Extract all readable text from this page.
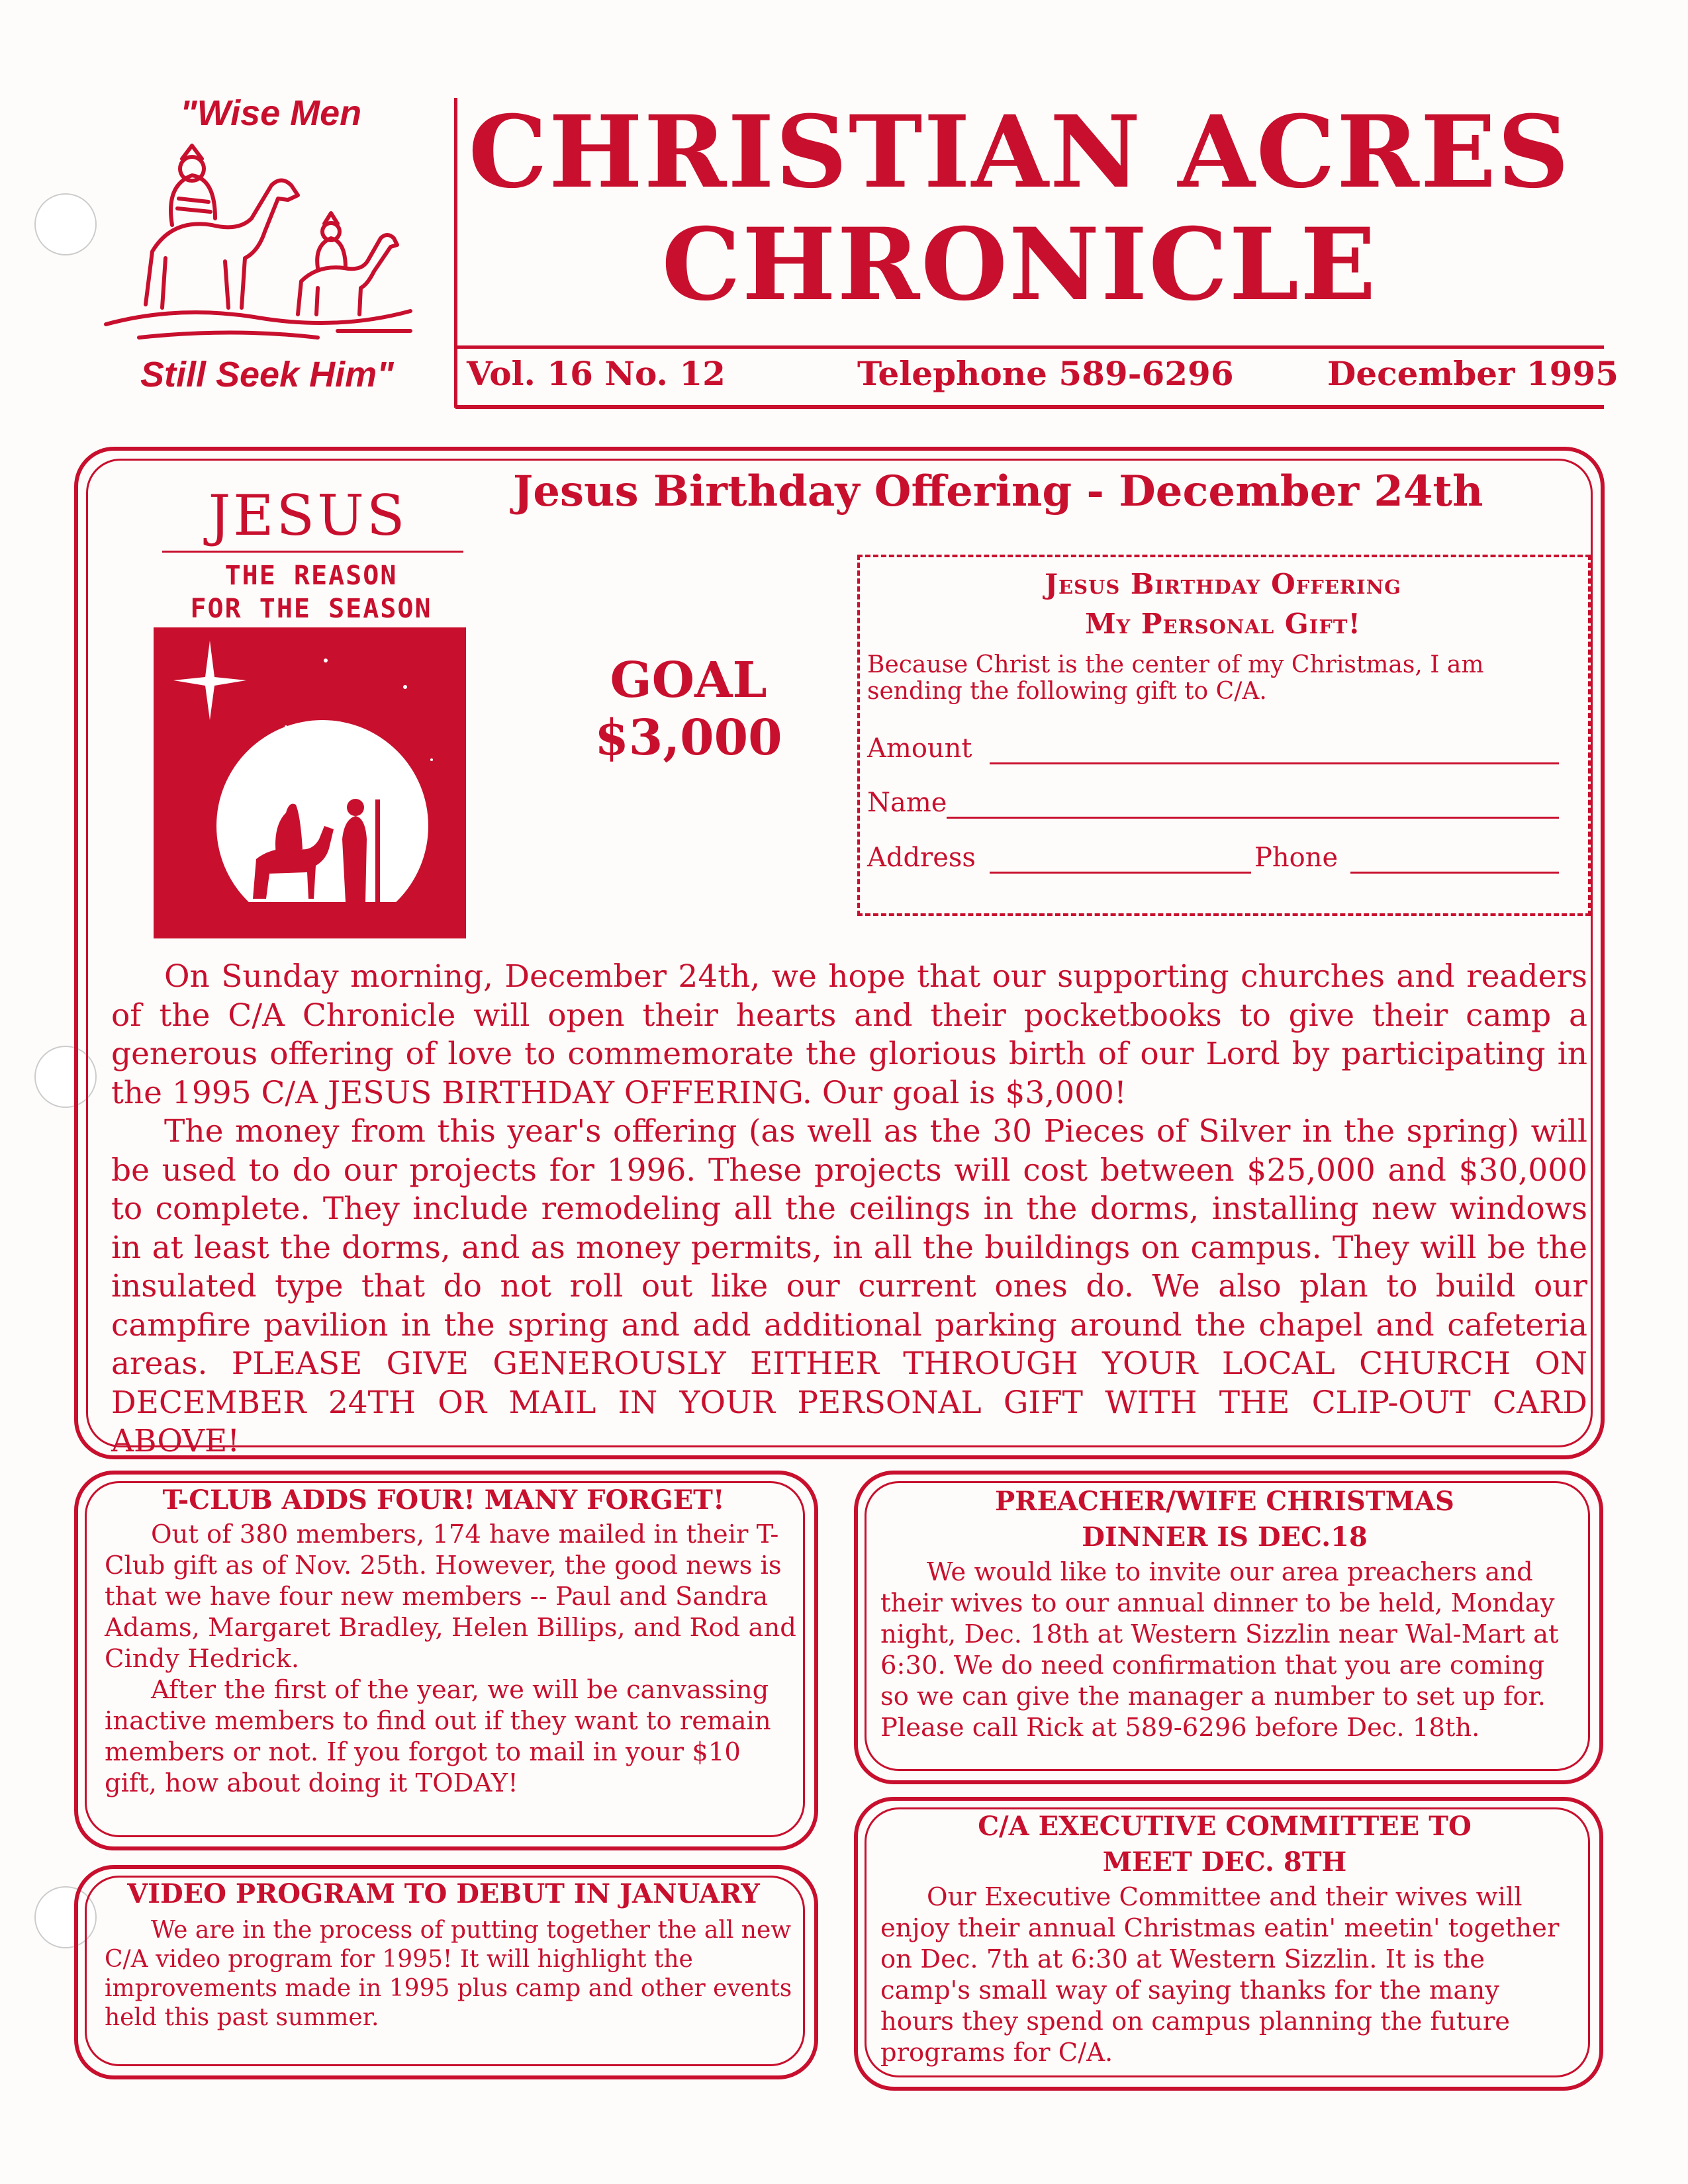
"Wise Men
Still Seek Him"
CHRISTIAN ACRES
CHRONICLE
Vol. 16 No. 12	Telephone 589-6296	December 1995
Jesus Birthday Offering - December 24th
JESUS
THE REASON
FOR THE SEASON
GOAL
$3,000
Jesus Birthday Offering
My Personal Gift!
Because Christ is the center of my Christmas, I am sending the following gift to C/A.
Amount
Name
Address	Phone

On Sunday morning, December 24th, we hope that our supporting churches and readers of the C/A Chronicle will open their hearts and their pocketbooks to give their camp a generous offering of love to commemorate the glorious birth of our Lord by participating in the 1995 C/A JESUS BIRTHDAY OFFERING. Our goal is $3,000!

The money from this year's offering (as well as the 30 Pieces of Silver in the spring) will be used to do our projects for 1996. These projects will cost between $25,000 and $30,000 to complete. They include remodeling all the ceilings in the dorms, installing new windows in at least the dorms, and as money permits, in all the buildings on campus. They will be the insulated type that do not roll out like our current ones do. We also plan to build our campfire pavilion in the spring and add additional parking around the chapel and cafeteria areas. PLEASE GIVE GENEROUSLY EITHER THROUGH YOUR LOCAL CHURCH ON DECEMBER 24TH OR MAIL IN YOUR PERSONAL GIFT WITH THE CLIP-OUT CARD ABOVE!

T-CLUB ADDS FOUR! MANY FORGET!

Out of 380 members, 174 have mailed in their T-Club gift as of Nov. 25th. However, the good news is that we have four new members -- Paul and Sandra Adams, Margaret Bradley, Helen Billips, and Rod and Cindy Hedrick.

After the first of the year, we will be canvassing inactive members to find out if they want to remain members or not. If you forgot to mail in your $10 gift, how about doing it TODAY!

PREACHER/WIFE CHRISTMAS
DINNER IS DEC.18

We would like to invite our area preachers and their wives to our annual dinner to be held, Monday night, Dec. 18th at Western Sizzlin near Wal-Mart at 6:30. We do need confirmation that you are coming so we can give the manager a number to set up for. Please call Rick at 589-6296 before Dec. 18th.

VIDEO PROGRAM TO DEBUT IN JANUARY

We are in the process of putting together the all new C/A video program for 1995! It will highlight the improvements made in 1995 plus camp and other events held this past summer.

C/A EXECUTIVE COMMITTEE TO
MEET DEC. 8TH

Our Executive Committee and their wives will enjoy their annual Christmas eatin' meetin' together on Dec. 7th at 6:30 at Western Sizzlin. It is the camp's small way of saying thanks for the many hours they spend on campus planning the future programs for C/A.
